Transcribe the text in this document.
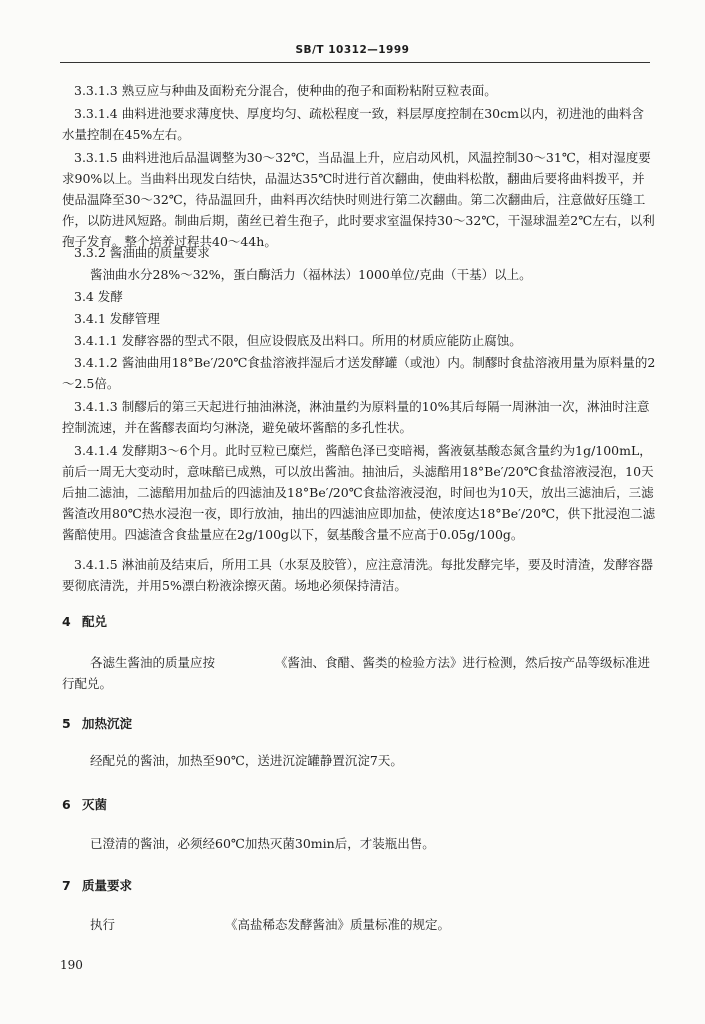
SB/T 10312—1999
3.3.1.3 熟豆应与种曲及面粉充分混合，使种曲的孢子和面粉粘附豆粒表面。
3.3.1.4 曲料进池要求薄度快、厚度均匀、疏松程度一致，料层厚度控制在30cm以内，初进池的曲料含水量控制在45%左右。
3.3.1.5 曲料进池后品温调整为30～32℃，当品温上升，应启动风机，风温控制30～31℃，相对湿度要求90%以上。当曲料出现发白结快，品温达35℃时进行首次翻曲，使曲料松散，翻曲后要将曲料拨平，并使品温降至30～32℃，待品温回升，曲料再次结快时则进行第二次翻曲。第二次翻曲后，注意做好压缝工作，以防进风短路。制曲后期，菌丝已着生孢子，此时要求室温保持30～32℃，干湿球温差2℃左右，以利孢子发育。整个培养过程共40～44h。
3.3.2 酱油曲的质量要求
酱油曲水分28%～32%，蛋白酶活力（福林法）1000单位/克曲（干基）以上。
3.4 发酵
3.4.1 发酵管理
3.4.1.1 发酵容器的型式不限，但应设假底及出料口。所用的材质应能防止腐蚀。
3.4.1.2 酱油曲用18°Be′/20℃食盐溶液拌湿后才送发酵罐（或池）内。制醪时食盐溶液用量为原料量的2～2.5倍。
3.4.1.3 制醪后的第三天起进行抽油淋浇，淋油量约为原料量的10%其后每隔一周淋油一次，淋油时注意控制流速，并在酱醪表面均匀淋浇，避免破坏酱醅的多孔性状。
3.4.1.4 发酵期3～6个月。此时豆粒已糜烂，酱醅色泽已变暗褐，酱液氨基酸态氮含量约为1g/100mL，前后一周无大变动时，意味醅已成熟，可以放出酱油。抽油后，头滤醅用18°Be′/20℃食盐溶液浸泡，10天后抽二滤油，二滤醅用加盐后的四滤油及18°Be′/20℃食盐溶液浸泡，时间也为10天，放出三滤油后，三滤酱渣改用80℃热水浸泡一夜，即行放油，抽出的四滤油应即加盐，使浓度达18°Be′/20℃，供下批浸泡二滤酱醅使用。四滤渣含食盐量应在2g/100g以下，氨基酸含量不应高于0.05g/100g。
3.4.1.5 淋油前及结束后，所用工具（水泵及胶管），应注意清洗。每批发酵完毕，要及时清渣，发酵容器要彻底清洗，并用5%漂白粉液涂擦灭菌。场地必须保持清洁。
4 配兑
各滤生酱油的质量应按	《酱油、食醋、酱类的检验方法》进行检测，然后按产品等级标准进行配兑。
5 加热沉淀
经配兑的酱油，加热至90℃，送进沉淀罐静置沉淀7天。
6 灭菌
已澄清的酱油，必须经60℃加热灭菌30min后，才装瓶出售。
7 质量要求
执行	《高盐稀态发酵酱油》质量标准的规定。
190
